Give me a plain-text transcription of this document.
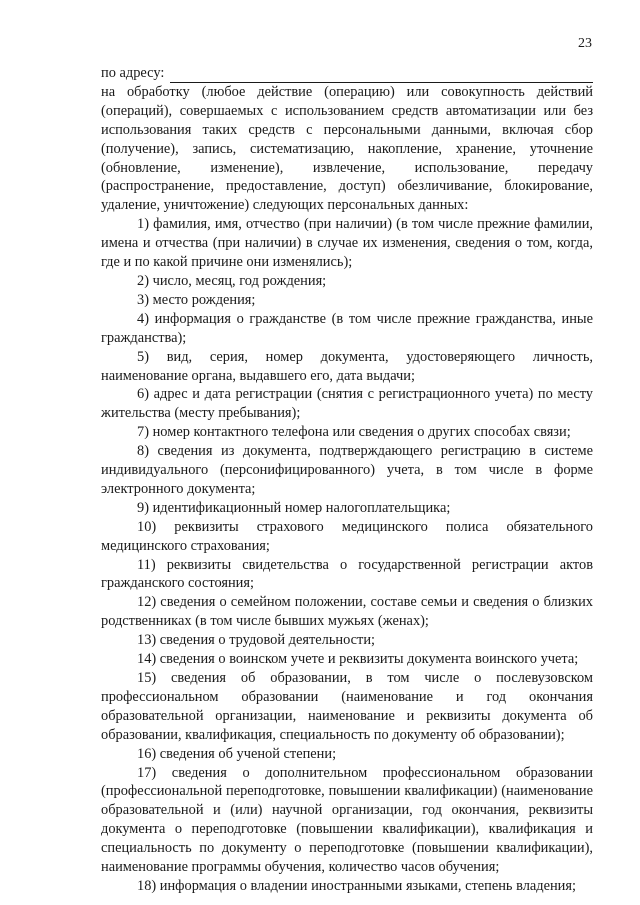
23
по адресу:

на обработку (любое действие (операцию) или совокупность действий (операций), совершаемых с использованием средств автоматизации или без использования таких средств с персональными данными, включая сбор (получение), запись, систематизацию, накопление, хранение, уточнение (обновление, изменение), извлечение, использование, передачу (распространение, предоставление, доступ) обезличивание, блокирование, удаление, уничтожение) следующих персональных данных:

1) фамилия, имя, отчество (при наличии) (в том числе прежние фамилии, имена и отчества (при наличии) в случае их изменения, сведения о том, когда, где и по какой причине они изменялись);

2) число, месяц, год рождения;

3) место рождения;

4) информация о гражданстве (в том числе прежние гражданства, иные гражданства);

5) вид, серия, номер документа, удостоверяющего личность, наименование органа, выдавшего его, дата выдачи;

6) адрес и дата регистрации (снятия с регистрационного учета) по месту жительства (месту пребывания);

7) номер контактного телефона или сведения о других способах связи;

8) сведения из документа, подтверждающего регистрацию в системе индивидуального (персонифицированного) учета, в том числе в форме электронного документа;

9) идентификационный номер налогоплательщика;

10) реквизиты страхового медицинского полиса обязательного медицинского страхования;

11) реквизиты свидетельства о государственной регистрации актов гражданского состояния;

12) сведения о семейном положении, составе семьи и сведения о близких родственниках (в том числе бывших мужьях (женах);

13) сведения о трудовой деятельности;

14) сведения о воинском учете и реквизиты документа воинского учета;

15) сведения об образовании, в том числе о послевузовском профессиональном образовании (наименование и год окончания образовательной организации, наименование и реквизиты документа об образовании, квалификация, специальность по документу об образовании);

16) сведения об ученой степени;

17) сведения о дополнительном профессиональном образовании (профессиональной переподготовке, повышении квалификации) (наименование образовательной и (или) научной организации, год окончания, реквизиты документа о переподготовке (повышении квалификации), квалификация и специальность по документу о переподготовке (повышении квалификации), наименование программы обучения, количество часов обучения;

18) информация о владении иностранными языками, степень владения;
